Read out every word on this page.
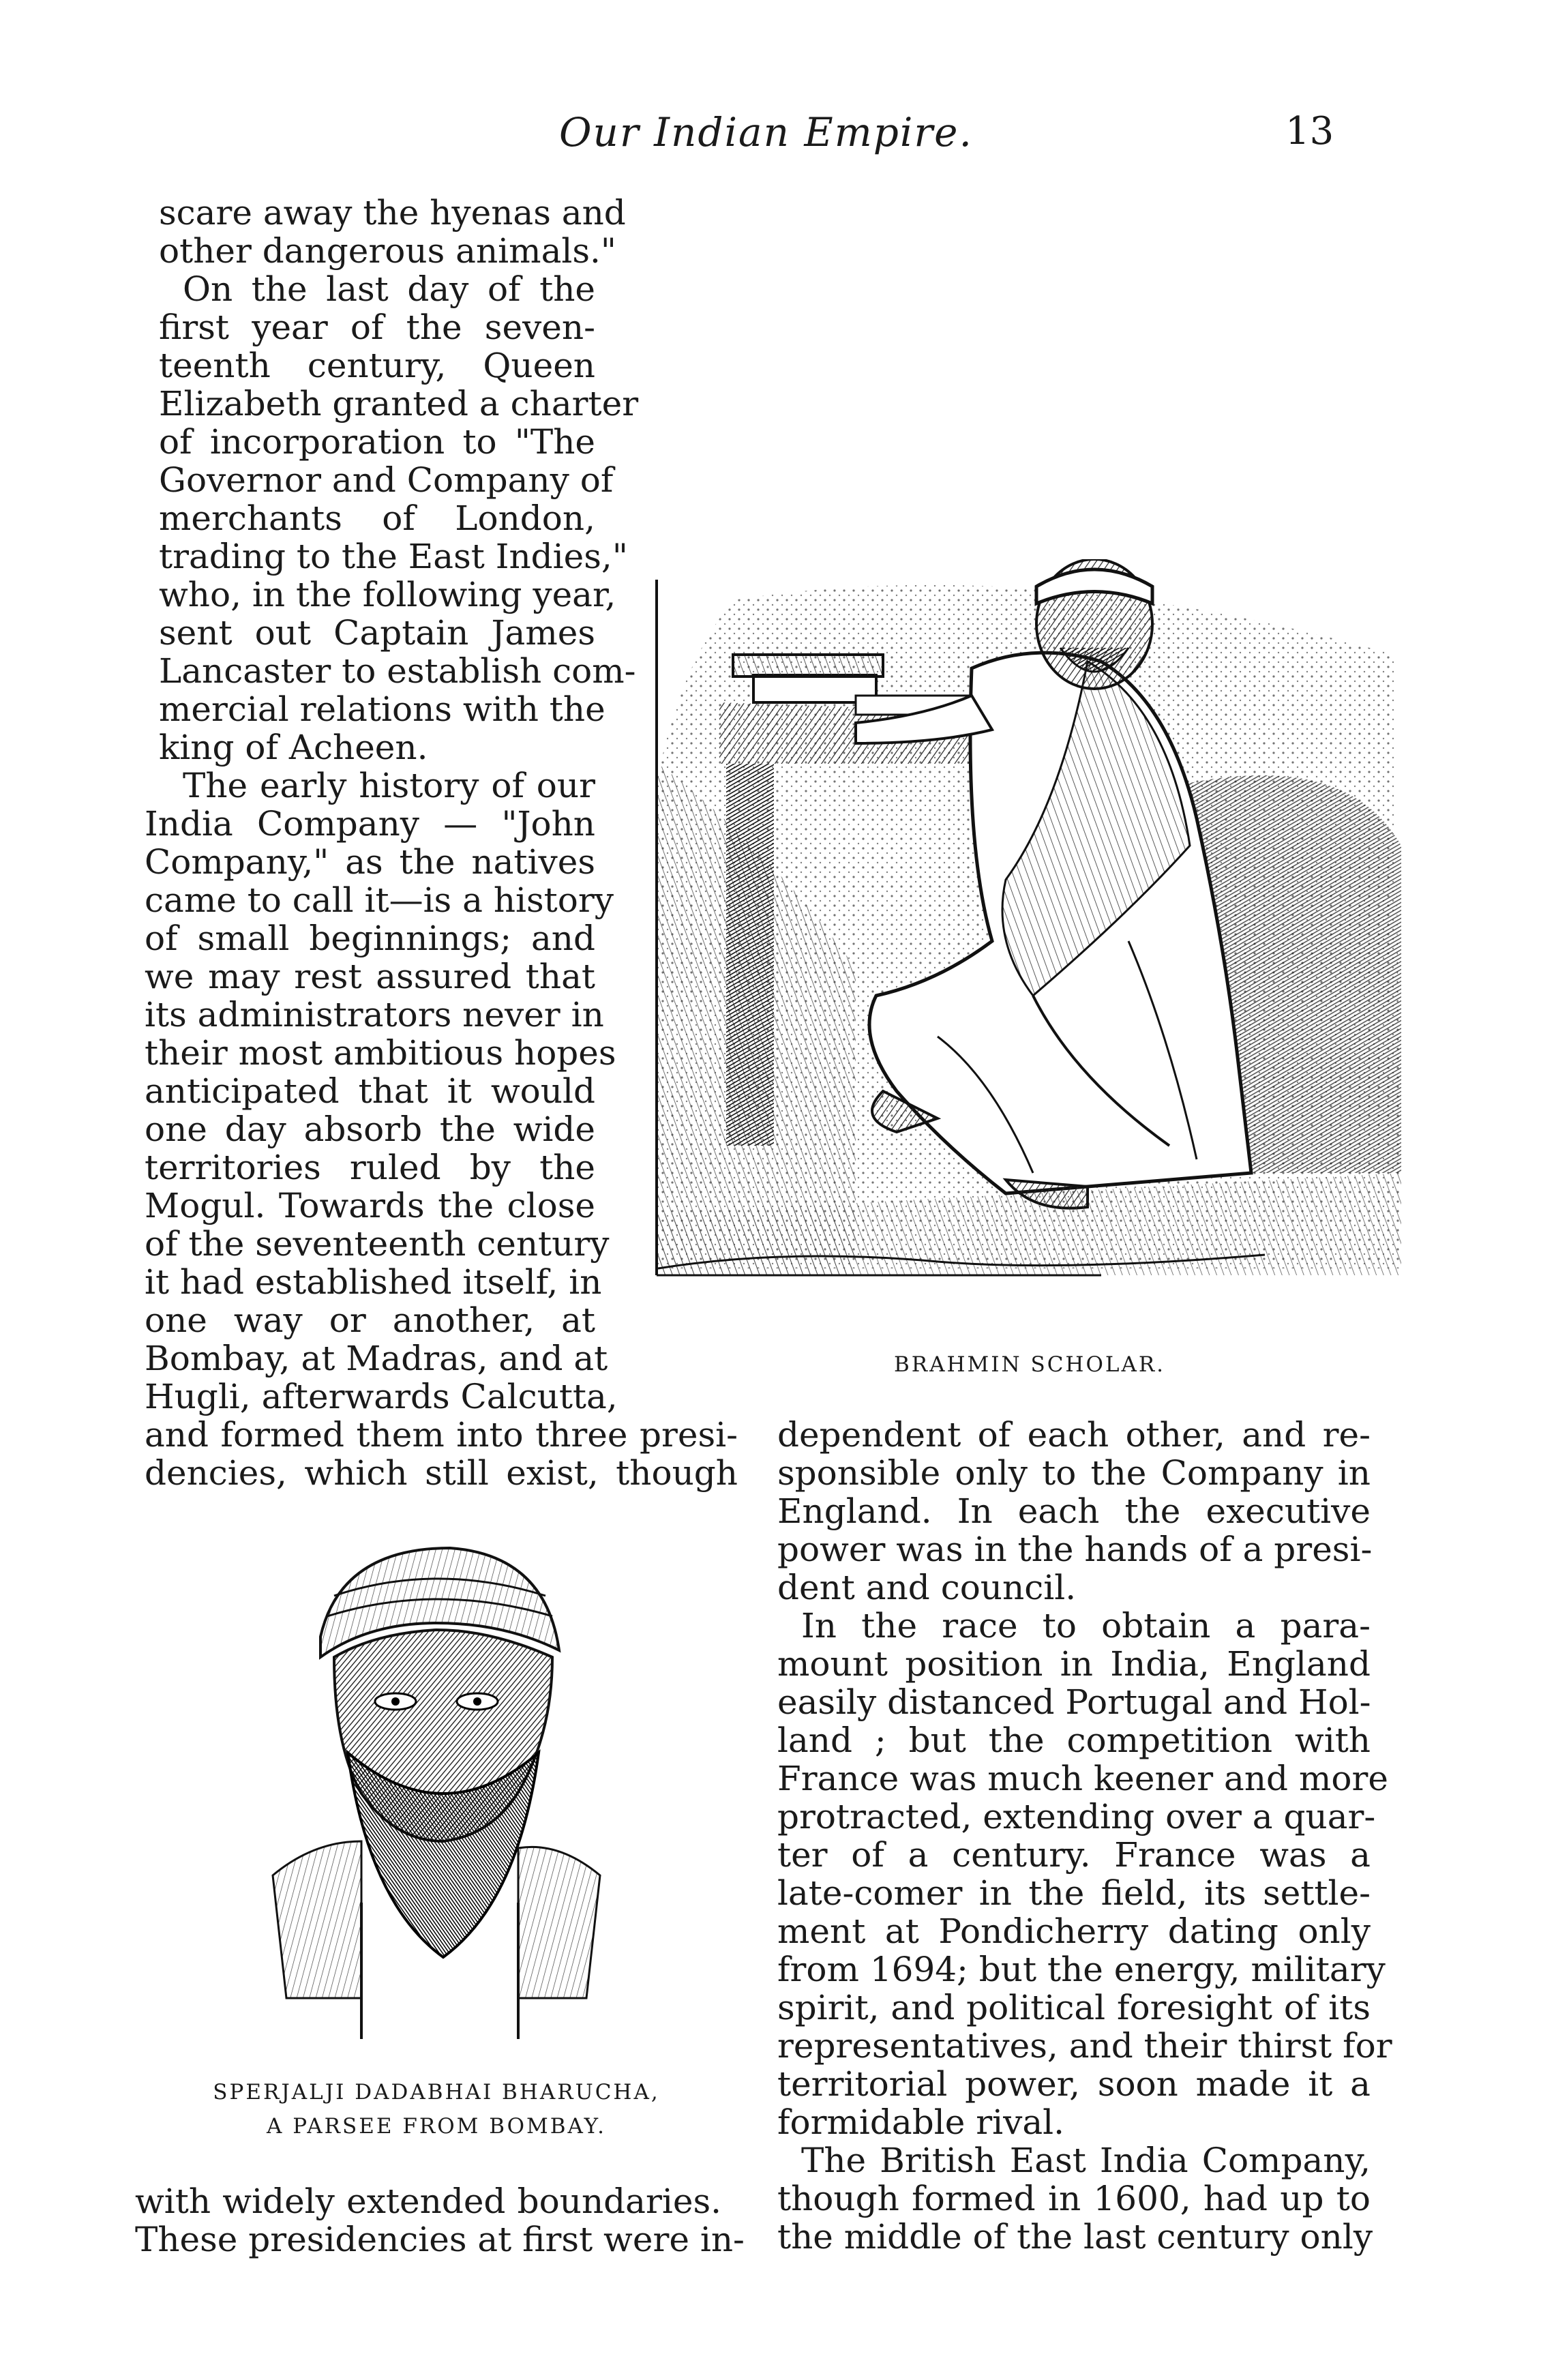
Our Indian Empire.	13
scare away the hyenas and
other dangerous animals."
On the last day of the
first year of the seven-
teenth century, Queen
Elizabeth granted a charter
of incorporation to "The
Governor and Company of
merchants of London,
trading to the East Indies,"
who, in the following year,
sent out Captain James
Lancaster to establish com-
mercial relations with the
king of Acheen.
The early history of our
India Company — "John
Company," as the natives
came to call it—is a history
of small beginnings; and
we may rest assured that
its administrators never in
their most ambitious hopes
anticipated that it would
one day absorb the wide
territories ruled by the
Mogul. Towards the close
of the seventeenth century
it had established itself, in
one way or another, at
Bombay, at Madras, and at
Hugli, afterwards Calcutta,
and formed them into three presi-
dencies, which still exist, though
BRAHMIN SCHOLAR.
SPERJALJI DADABHAI BHARUCHA,
A PARSEE FROM BOMBAY.
with widely extended boundaries.
These presidencies at first were in-
dependent of each other, and re-
sponsible only to the Company in
England. In each the executive
power was in the hands of a presi-
dent and council.
In the race to obtain a para-
mount position in India, England
easily distanced Portugal and Hol-
land ; but the competition with
France was much keener and more
protracted, extending over a quar-
ter of a century. France was a
late-comer in the field, its settle-
ment at Pondicherry dating only
from 1694; but the energy, military
spirit, and political foresight of its
representatives, and their thirst for
territorial power, soon made it a
formidable rival.
The British East India Company,
though formed in 1600, had up to
the middle of the last century only
